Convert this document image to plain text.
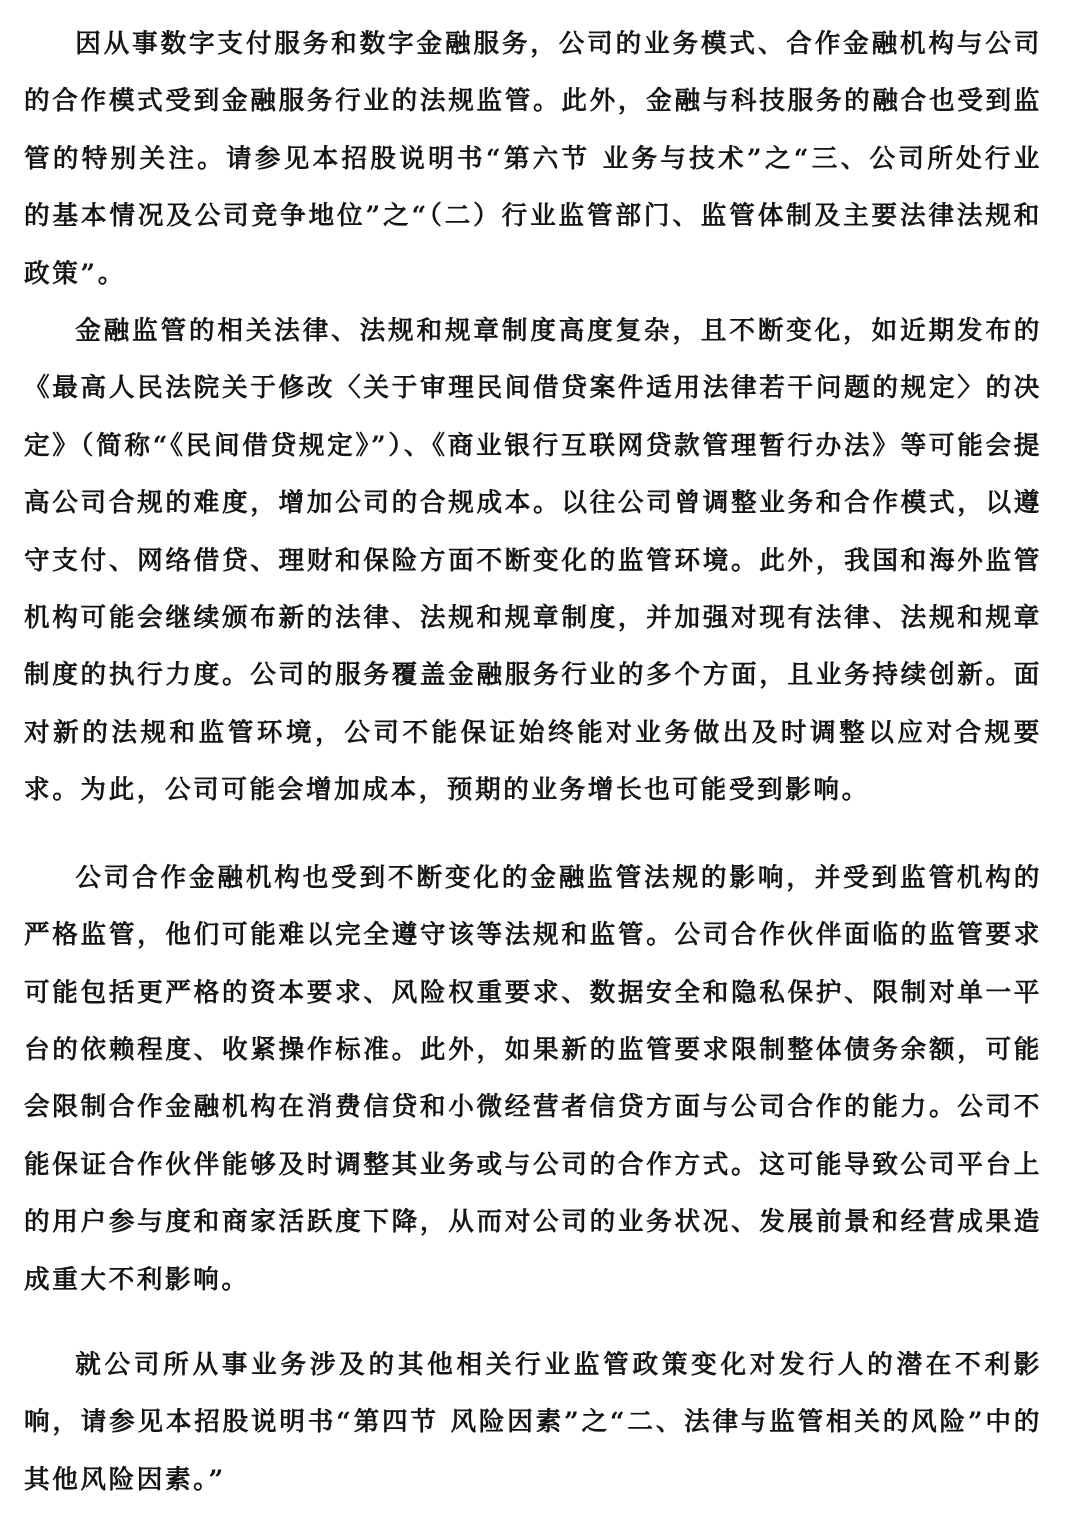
因从事数字支付服务和数字金融服务，公司的业务模式、合作金融机构与公司的合作模式受到金融服务行业的法规监管。此外，金融与科技服务的融合也受到监管的特别关注。请参见本招股说明书“第六节 业务与技术”之“三、公司所处行业的基本情况及公司竞争地位”之“（二）行业监管部门、监管体制及主要法律法规和政策”。

金融监管的相关法律、法规和规章制度高度复杂，且不断变化，如近期发布的《最高人民法院关于修改〈关于审理民间借贷案件适用法律若干问题的规定〉的决定》（简称“《民间借贷规定》”）、《商业银行互联网贷款管理暂行办法》等可能会提高公司合规的难度，增加公司的合规成本。以往公司曾调整业务和合作模式，以遵守支付、网络借贷、理财和保险方面不断变化的监管环境。此外，我国和海外监管机构可能会继续颁布新的法律、法规和规章制度，并加强对现有法律、法规和规章制度的执行力度。公司的服务覆盖金融服务行业的多个方面，且业务持续创新。面对新的法规和监管环境，公司不能保证始终能对业务做出及时调整以应对合规要求。为此，公司可能会增加成本，预期的业务增长也可能受到影响。

公司合作金融机构也受到不断变化的金融监管法规的影响，并受到监管机构的严格监管，他们可能难以完全遵守该等法规和监管。公司合作伙伴面临的监管要求可能包括更严格的资本要求、风险权重要求、数据安全和隐私保护、限制对单一平台的依赖程度、收紧操作标准。此外，如果新的监管要求限制整体债务余额，可能会限制合作金融机构在消费信贷和小微经营者信贷方面与公司合作的能力。公司不能保证合作伙伴能够及时调整其业务或与公司的合作方式。这可能导致公司平台上的用户参与度和商家活跃度下降，从而对公司的业务状况、发展前景和经营成果造成重大不利影响。

就公司所从事业务涉及的其他相关行业监管政策变化对发行人的潜在不利影响，请参见本招股说明书“第四节 风险因素”之“二、法律与监管相关的风险”中的其他风险因素。”
